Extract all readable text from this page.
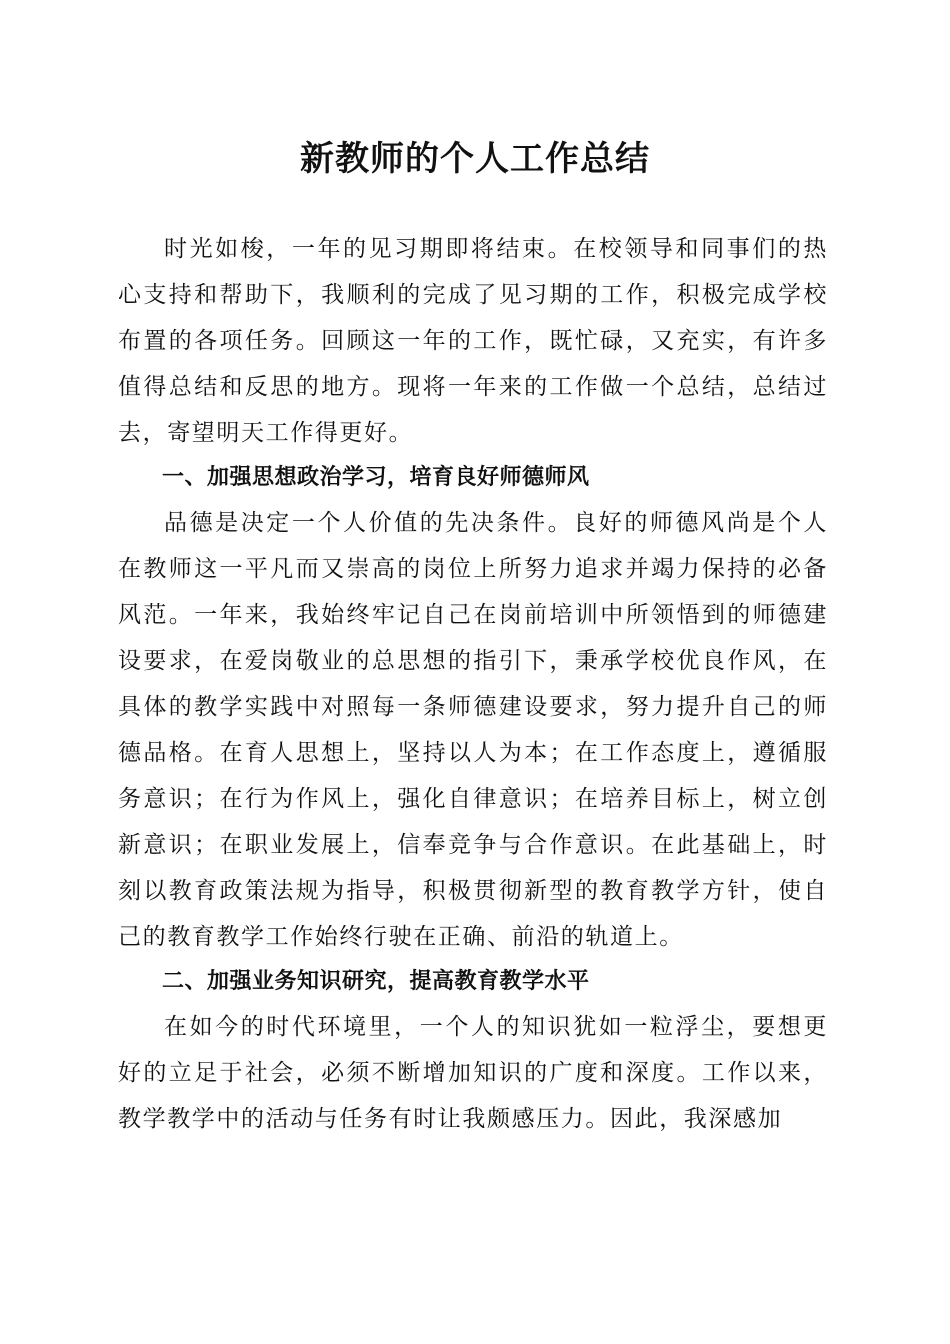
新教师的个人工作总结

时光如梭，一年的见习期即将结束。在校领导和同事们的热心支持和帮助下，我顺利的完成了见习期的工作，积极完成学校布置的各项任务。回顾这一年的工作，既忙碌，又充实，有许多值得总结和反思的地方。现将一年来的工作做一个总结，总结过去，寄望明天工作得更好。

一、加强思想政治学习，培育良好师德师风

品德是决定一个人价值的先决条件。良好的师德风尚是个人在教师这一平凡而又崇高的岗位上所努力追求并竭力保持的必备风范。一年来，我始终牢记自己在岗前培训中所领悟到的师德建设要求，在爱岗敬业的总思想的指引下，秉承学校优良作风，在具体的教学实践中对照每一条师德建设要求，努力提升自己的师德品格。在育人思想上，坚持以人为本；在工作态度上，遵循服务意识；在行为作风上，强化自律意识；在培养目标上，树立创新意识；在职业发展上，信奉竞争与合作意识。在此基础上，时刻以教育政策法规为指导，积极贯彻新型的教育教学方针，使自己的教育教学工作始终行驶在正确、前沿的轨道上。

二、加强业务知识研究，提高教育教学水平

在如今的时代环境里，一个人的知识犹如一粒浮尘，要想更好的立足于社会，必须不断增加知识的广度和深度。工作以来，教学教学中的活动与任务有时让我颇感压力。因此，我深感加
